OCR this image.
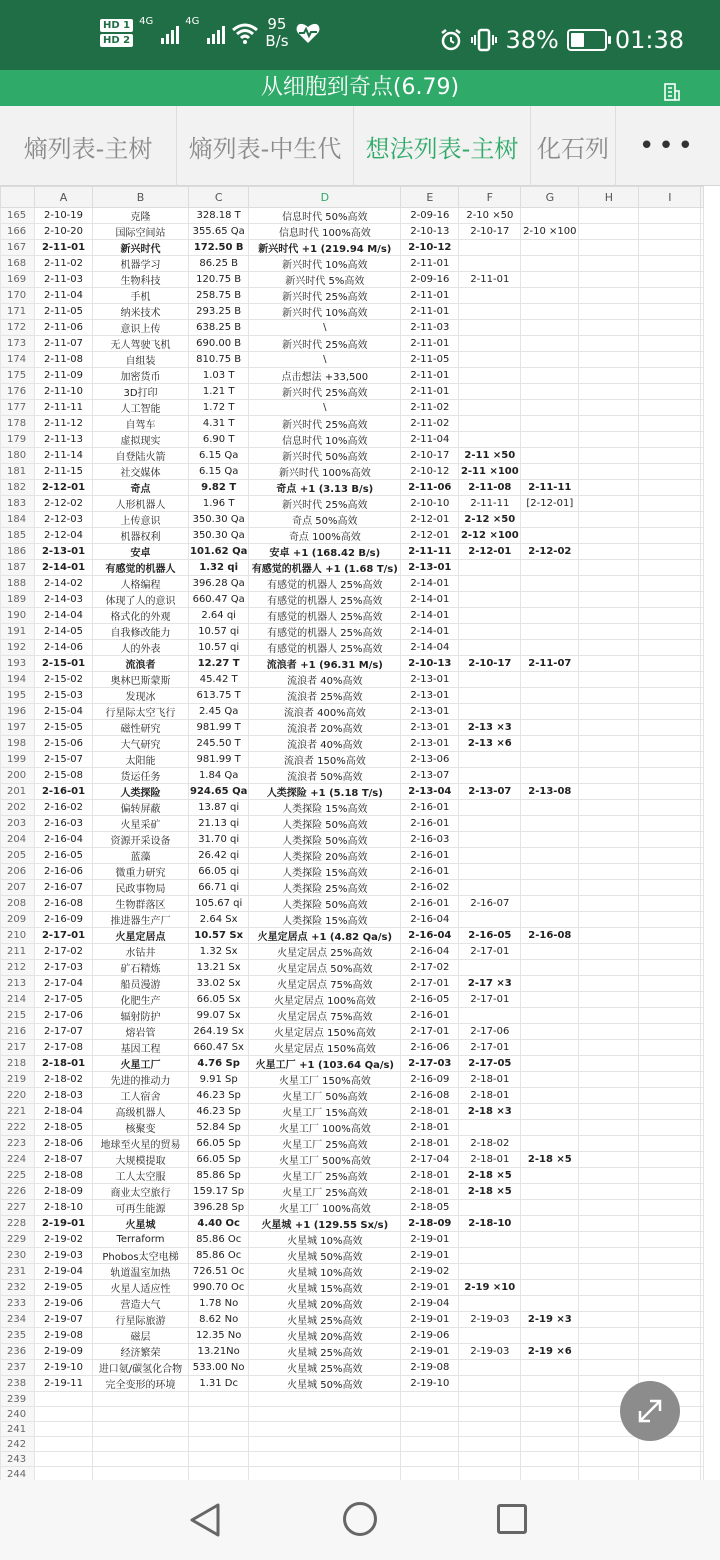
HD 1
HD 2
4G	4G	95
B/s	38% 01:38
从细胞到奇点(6.79)
熵列表-主树 熵列表-中生代 想法列表-主树 化石列 •••
	A	B	C	D	E	F	G	H	I	
165	2-10-19	克隆	328.18 T	信息时代 50%高效	2-09-16	2-10 ×50				
166	2-10-20	国际空间站	355.65 Qa	信息时代 100%高效	2-10-13	2-10-17	2-10 ×100			
167	2-11-01	新兴时代	172.50 B	新兴时代 +1 (219.94 M/s)	2-10-12					
168	2-11-02	机器学习	86.25 B	新兴时代 10%高效	2-11-01					
169	2-11-03	生物科技	120.75 B	新兴时代 5%高效	2-09-16	2-11-01				
170	2-11-04	手机	258.75 B	新兴时代 25%高效	2-11-01					
171	2-11-05	纳米技术	293.25 B	新兴时代 10%高效	2-11-01					
172	2-11-06	意识上传	638.25 B	\	2-11-03					
173	2-11-07	无人驾驶飞机	690.00 B	新兴时代 25%高效	2-11-01					
174	2-11-08	自组装	810.75 B	\	2-11-05					
175	2-11-09	加密货币	1.03 T	点击想法 +33,500	2-11-01					
176	2-11-10	3D打印	1.21 T	新兴时代 25%高效	2-11-01					
177	2-11-11	人工智能	1.72 T	\	2-11-02					
178	2-11-12	自驾车	4.31 T	新兴时代 25%高效	2-11-02					
179	2-11-13	虚拟现实	6.90 T	信息时代 10%高效	2-11-04					
180	2-11-14	自登陆火箭	6.15 Qa	新兴时代 50%高效	2-10-17	2-11 ×50				
181	2-11-15	社交媒体	6.15 Qa	新兴时代 100%高效	2-10-12	2-11 ×100				
182	2-12-01	奇点	9.82 T	奇点 +1 (3.13 B/s)	2-11-06	2-11-08	2-11-11			
183	2-12-02	人形机器人	1.96 T	新兴时代 25%高效	2-10-10	2-11-11	[2-12-01]			
184	2-12-03	上传意识	350.30 Qa	奇点 50%高效	2-12-01	2-12 ×50				
185	2-12-04	机器权利	350.30 Qa	奇点 100%高效	2-12-01	2-12 ×100				
186	2-13-01	安卓	101.62 Qa	安卓 +1 (168.42 B/s)	2-11-11	2-12-01	2-12-02			
187	2-14-01	有感觉的机器人	1.32 qi	有感觉的机器人 +1 (1.68 T/s)	2-13-01					
188	2-14-02	人格编程	396.28 Qa	有感觉的机器人 25%高效	2-14-01					
189	2-14-03	体现了人的意识	660.47 Qa	有感觉的机器人 25%高效	2-14-01					
190	2-14-04	格式化的外观	2.64 qi	有感觉的机器人 25%高效	2-14-01					
191	2-14-05	自我修改能力	10.57 qi	有感觉的机器人 25%高效	2-14-01					
192	2-14-06	人的外表	10.57 qi	有感觉的机器人 25%高效	2-14-04					
193	2-15-01	流浪者	12.27 T	流浪者 +1 (96.31 M/s)	2-10-13	2-10-17	2-11-07			
194	2-15-02	奥林巴斯蒙斯	45.42 T	流浪者 40%高效	2-13-01					
195	2-15-03	发现冰	613.75 T	流浪者 25%高效	2-13-01					
196	2-15-04	行星际太空飞行	2.45 Qa	流浪者 400%高效	2-13-01					
197	2-15-05	磁性研究	981.99 T	流浪者 20%高效	2-13-01	2-13 ×3				
198	2-15-06	大气研究	245.50 T	流浪者 40%高效	2-13-01	2-13 ×6				
199	2-15-07	太阳能	981.99 T	流浪者 150%高效	2-13-06					
200	2-15-08	货运任务	1.84 Qa	流浪者 50%高效	2-13-07					
201	2-16-01	人类探险	924.65 Qa	人类探险 +1 (5.18 T/s)	2-13-04	2-13-07	2-13-08			
202	2-16-02	偏转屏蔽	13.87 qi	人类探险 15%高效	2-16-01					
203	2-16-03	火星采矿	21.13 qi	人类探险 50%高效	2-16-01					
204	2-16-04	资源开采设备	31.70 qi	人类探险 50%高效	2-16-03					
205	2-16-05	蓝藻	26.42 qi	人类探险 20%高效	2-16-01					
206	2-16-06	微重力研究	66.05 qi	人类探险 15%高效	2-16-01					
207	2-16-07	民政事物局	66.71 qi	人类探险 25%高效	2-16-02					
208	2-16-08	生物群落区	105.67 qi	人类探险 50%高效	2-16-01	2-16-07				
209	2-16-09	推进器生产厂	2.64 Sx	人类探险 15%高效	2-16-04					
210	2-17-01	火星定居点	10.57 Sx	火星定居点 +1 (4.82 Qa/s)	2-16-04	2-16-05	2-16-08			
211	2-17-02	水钻井	1.32 Sx	火星定居点 25%高效	2-16-04	2-17-01				
212	2-17-03	矿石精炼	13.21 Sx	火星定居点 50%高效	2-17-02					
213	2-17-04	船员漫游	33.02 Sx	火星定居点 75%高效	2-17-01	2-17 ×3				
214	2-17-05	化肥生产	66.05 Sx	火星定居点 100%高效	2-16-05	2-17-01				
215	2-17-06	辐射防护	99.07 Sx	火星定居点 75%高效	2-16-01					
216	2-17-07	熔岩管	264.19 Sx	火星定居点 150%高效	2-17-01	2-17-06				
217	2-17-08	基因工程	660.47 Sx	火星定居点 150%高效	2-16-06	2-17-01				
218	2-18-01	火星工厂	4.76 Sp	火星工厂 +1 (103.64 Qa/s)	2-17-03	2-17-05				
219	2-18-02	先进的推动力	9.91 Sp	火星工厂 150%高效	2-16-09	2-18-01				
220	2-18-03	工人宿舍	46.23 Sp	火星工厂 50%高效	2-16-08	2-18-01				
221	2-18-04	高级机器人	46.23 Sp	火星工厂 15%高效	2-18-01	2-18 ×3				
222	2-18-05	核聚变	52.84 Sp	火星工厂 100%高效	2-18-01					
223	2-18-06	地球至火星的贸易	66.05 Sp	火星工厂 25%高效	2-18-01	2-18-02				
224	2-18-07	大规模提取	66.05 Sp	火星工厂 500%高效	2-17-04	2-18-01	2-18 ×5			
225	2-18-08	工人太空服	85.86 Sp	火星工厂 25%高效	2-18-01	2-18 ×5				
226	2-18-09	商业太空旅行	159.17 Sp	火星工厂 25%高效	2-18-01	2-18 ×5				
227	2-18-10	可再生能源	396.28 Sp	火星工厂 100%高效	2-18-05					
228	2-19-01	火星城	4.40 Oc	火星城 +1 (129.55 Sx/s)	2-18-09	2-18-10				
229	2-19-02	Terraform	85.86 Oc	火星城 10%高效	2-19-01					
230	2-19-03	Phobos太空电梯	85.86 Oc	火星城 50%高效	2-19-01					
231	2-19-04	轨道温室加热	726.51 Oc	火星城 10%高效	2-19-02					
232	2-19-05	火星人适应性	990.70 Oc	火星城 15%高效	2-19-01	2-19 ×10				
233	2-19-06	营造大气	1.78 No	火星城 20%高效	2-19-04					
234	2-19-07	行星际旅游	8.62 No	火星城 25%高效	2-19-01	2-19-03	2-19 ×3			
235	2-19-08	磁层	12.35 No	火星城 20%高效	2-19-06					
236	2-19-09	经济繁荣	13.21No	火星城 25%高效	2-19-01	2-19-03	2-19 ×6			
237	2-19-10	进口氨/碳氢化合物	533.00 No	火星城 25%高效	2-19-08					
238	2-19-11	完全变形的环境	1.31 Dc	火星城 50%高效	2-19-10					
239										
240										
241										
242										
243										
244										
